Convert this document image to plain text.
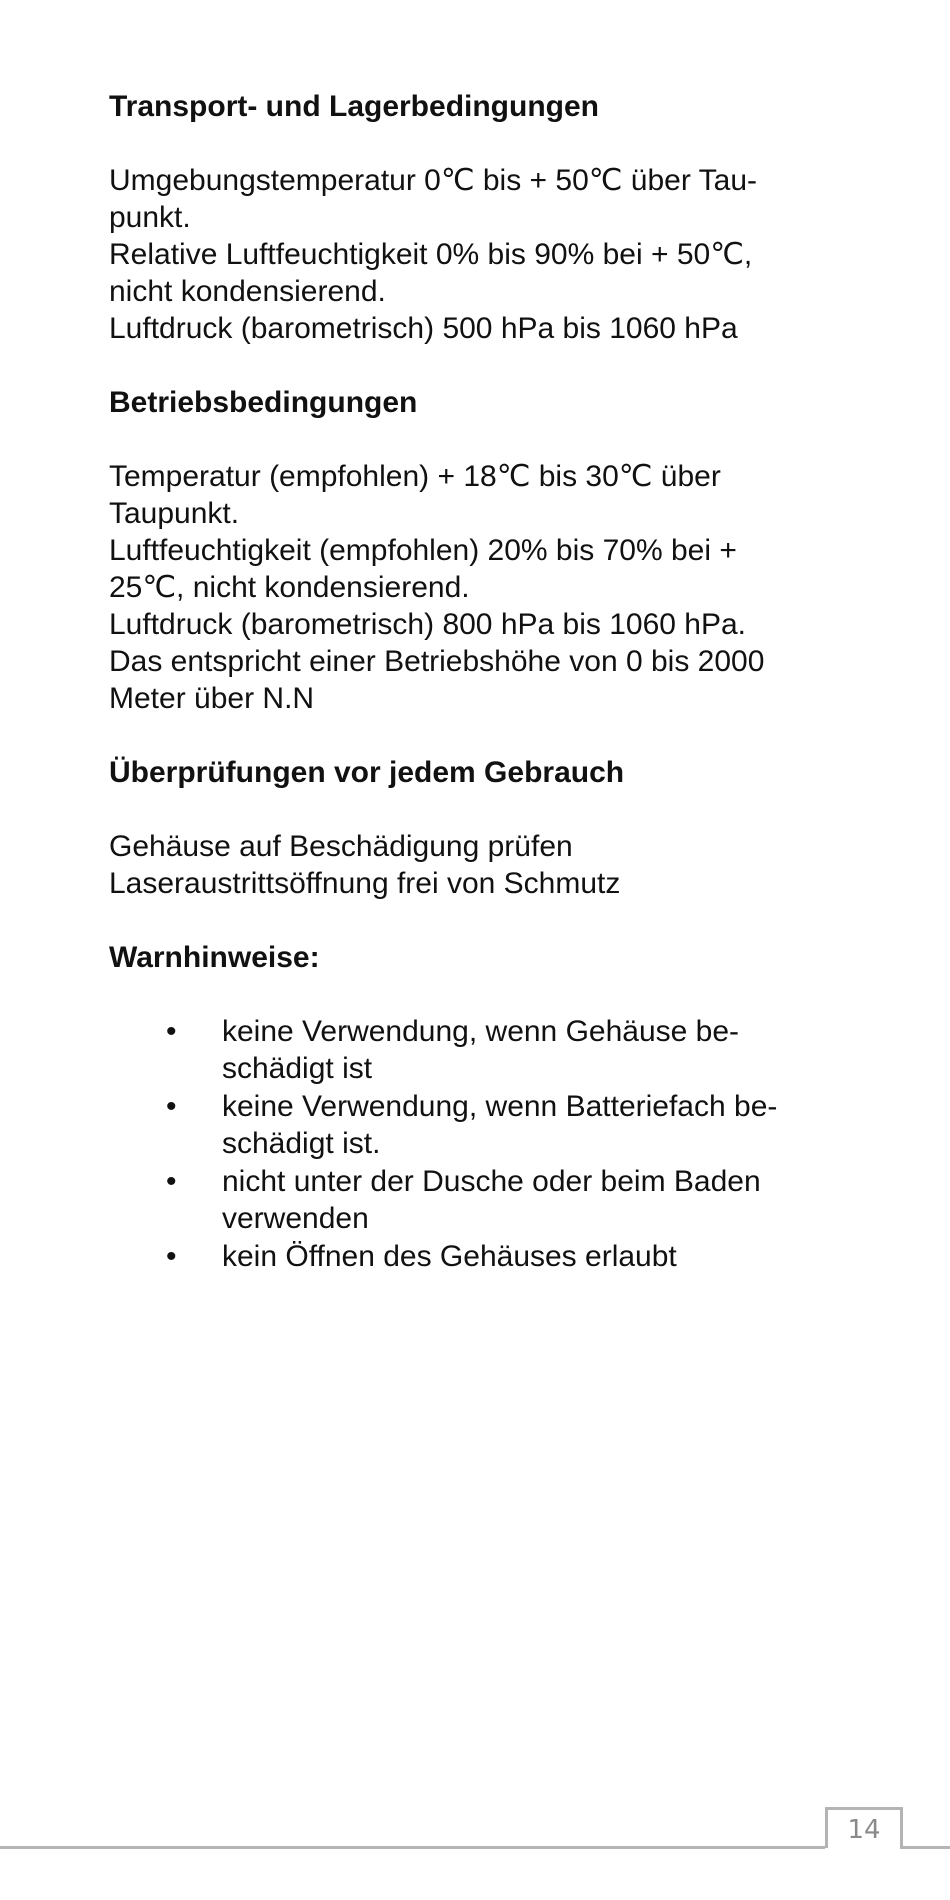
Transport- und Lagerbedingungen
Umgebungstemperatur 0℃ bis + 50℃ über Tau-
punkt.
Relative Luftfeuchtigkeit 0% bis 90% bei + 50℃,
nicht kondensierend.
Luftdruck (barometrisch) 500 hPa bis 1060 hPa
Betriebsbedingungen
Temperatur (empfohlen) + 18℃ bis 30℃ über
Taupunkt.
Luftfeuchtigkeit (empfohlen) 20% bis 70% bei +
25℃, nicht kondensierend.
Luftdruck (barometrisch) 800 hPa bis 1060 hPa.
Das entspricht einer Betriebshöhe von 0 bis 2000
Meter über N.N
Überprüfungen vor jedem Gebrauch
Gehäuse auf Beschädigung prüfen
Laseraustrittsöffnung frei von Schmutz
Warnhinweise:
•	keine Verwendung, wenn Gehäuse be-
schädigt ist
•	keine Verwendung, wenn Batteriefach be-
schädigt ist.
•	nicht unter der Dusche oder beim Baden
verwenden
•	kein Öffnen des Gehäuses erlaubt
14
